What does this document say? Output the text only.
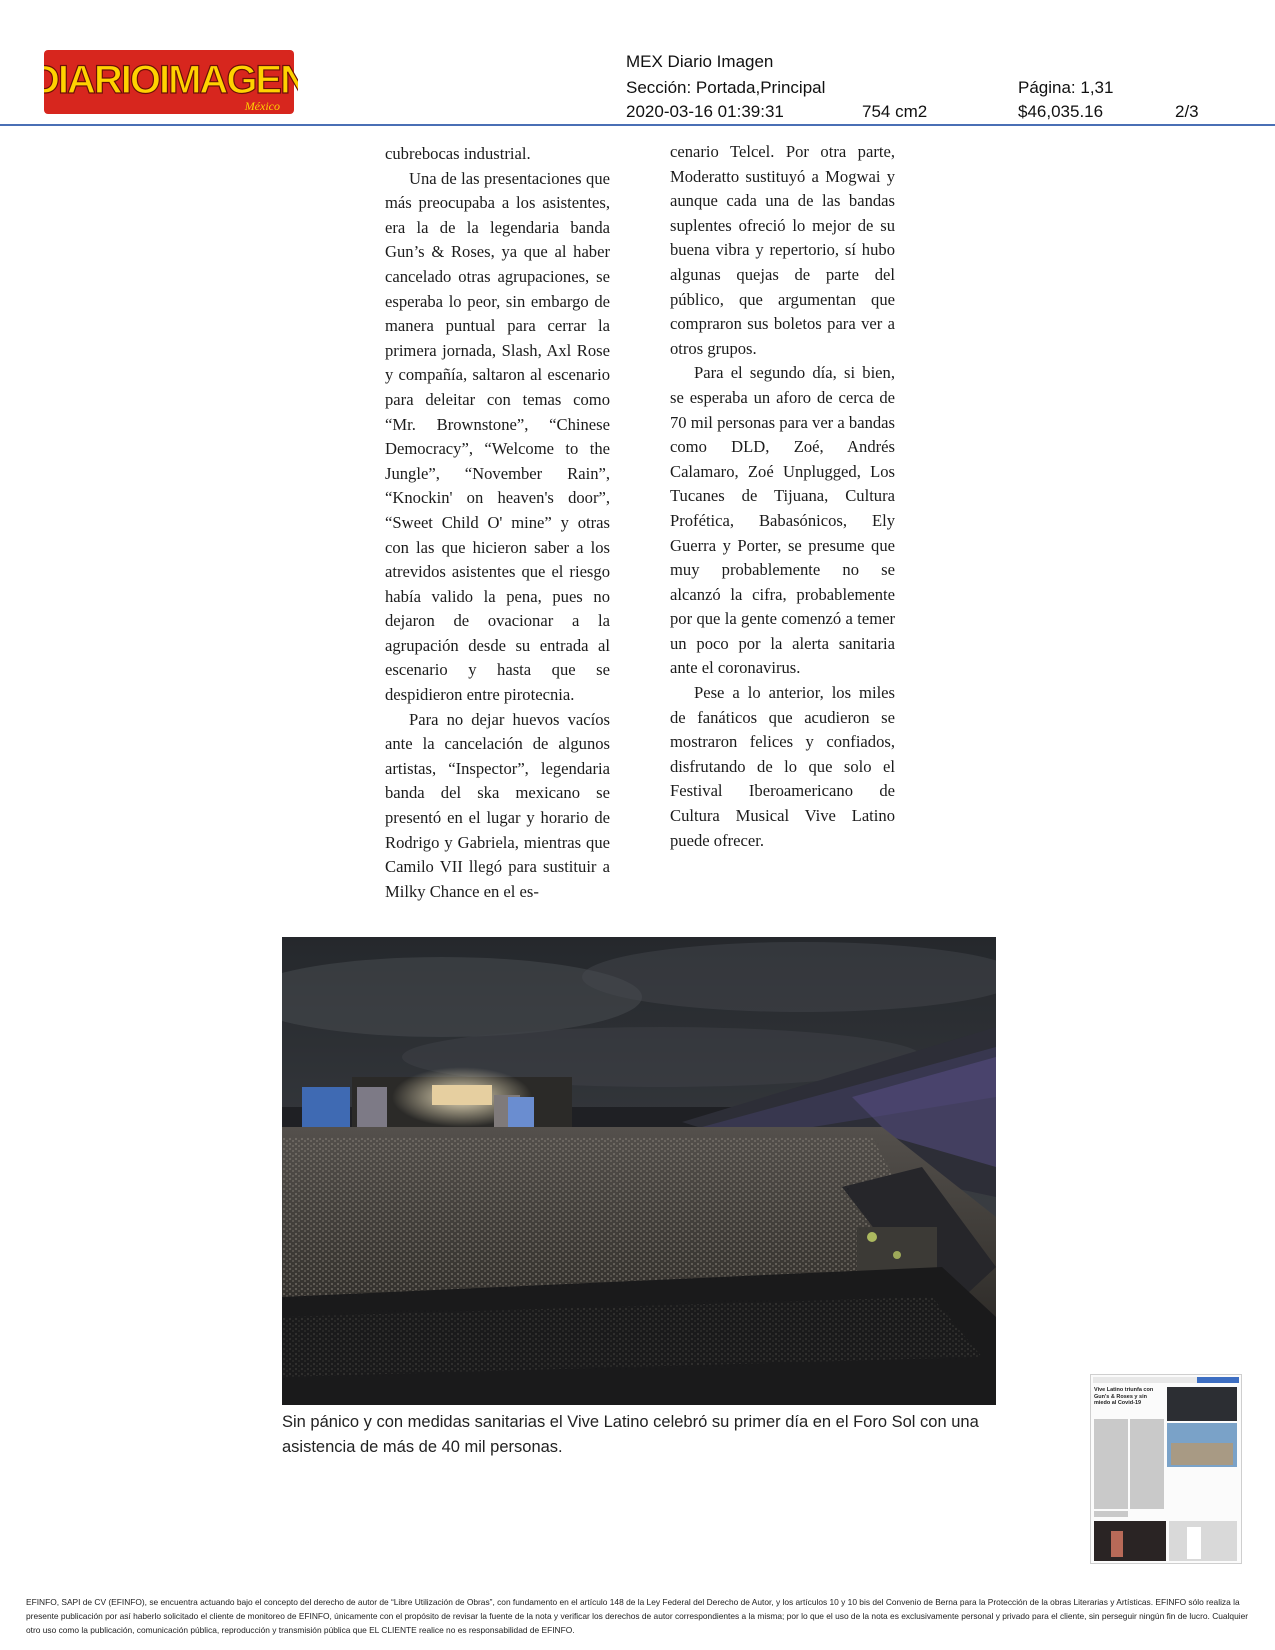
DIARIOIMAGEN
México
MEX Diario Imagen
Sección: Portada,Principal	Página: 1,31
2020-03-16 01:39:31	754 cm2	$46,035.16	2/3

cubrebocas industrial.

Una de las presentaciones que más preocupaba a los asistentes, era la de la legendaria banda Gun’s & Roses, ya que al haber cancelado otras agrupaciones, se esperaba lo peor, sin embargo de manera puntual para cerrar la primera jornada, Slash, Axl Rose y compañía, saltaron al escenario para deleitar con temas como “Mr. Brownstone”, “Chinese Democracy”, “Welcome to the Jungle”, “November Rain”, “Knockin' on heaven's door”, “Sweet Child O' mine” y otras con las que hicieron saber a los atrevidos asistentes que el riesgo había valido la pena, pues no dejaron de ovacionar a la agrupación desde su entrada al escenario y hasta que se despidieron entre pirotecnia.

Para no dejar huevos vacíos ante la cancelación de algunos artistas, “Inspector”, legendaria banda del ska mexicano se presentó en el lugar y horario de Rodrigo y Gabriela, mientras que Camilo VII llegó para sustituir a Milky Chance en el es-

cenario Telcel. Por otra parte, Moderatto sustituyó a Mogwai y aunque cada una de las bandas suplentes ofreció lo mejor de su buena vibra y repertorio, sí hubo algunas quejas de parte del público, que argumentan que compraron sus boletos para ver a otros grupos.

Para el segundo día, si bien, se esperaba un aforo de cerca de 70 mil personas para ver a bandas como DLD, Zoé, Andrés Calamaro, Zoé Unplugged, Los Tucanes de Tijuana, Cultura Profética, Babasónicos, Ely Guerra y Porter, se presume que muy probablemente no se alcanzó la cifra, probablemente por que la gente comenzó a temer un poco por la alerta sanitaria ante el coronavirus.

Pese a lo anterior, los miles de fanáticos que acudieron se mostraron felices y confiados, disfrutando de lo que solo el Festival Iberoamericano de Cultura Musical Vive Latino puede ofrecer.

Sin pánico y con medidas sanitarias el Vive Latino celebró su primer día en el Foro Sol con una asistencia de más de 40 mil personas.
Vive Latino triunfa con Gun's & Roses y sin miedo al Covid-19
EFINFO, SAPI de CV (EFINFO), se encuentra actuando bajo el concepto del derecho de autor de “Libre Utilización de Obras”, con fundamento en el artículo 148 de la Ley Federal del Derecho de Autor, y los artículos 10 y 10 bis del Convenio de Berna para la Protección de la obras Literarias y Artísticas. EFINFO sólo realiza la presente publicación por así haberlo solicitado el cliente de monitoreo de EFINFO, únicamente con el propósito de revisar la fuente de la nota y verificar los derechos de autor correspondientes a la misma; por lo que el uso de la nota es exclusivamente personal y privado para el cliente, sin perseguir ningún fin de lucro. Cualquier otro uso como la publicación, comunicación pública, reproducción y transmisión pública que EL CLIENTE realice no es responsabilidad de EFINFO.
